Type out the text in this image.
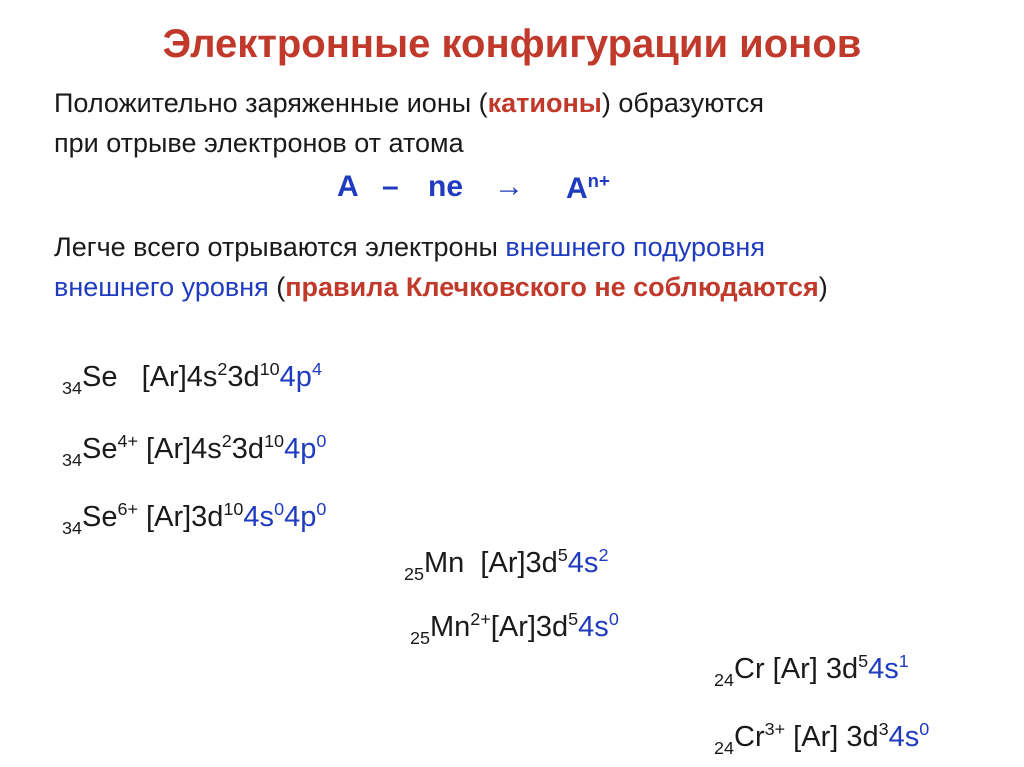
Электронные конфигурации ионов
Положительно заряженные ионы (катионы) образуются
при отрыве электронов от атома
А – ne → $А^{n+}$
Легче всего отрываются электроны внешнего подуровня
внешнего уровня (правила Клечковского не соблюдаются)
$_{34}$Se $[Ar]4s^23d^{10}4p^4$
$_{34}Se^{4+}$ $[Ar]4s^23d^{10}4p^0$
$_{34}Se^{6+}$ $[Ar]3d^{10}4s^04p^0$
$_{25}$Mn $[Ar]3d^54s^2$
$_{25}Mn^{2+}[Ar]3d^54s^0$
$_{24}$Cr [Ar] $3d^54s^1$
$_{24}Cr^{3+}$ [Ar] $3d^34s^0$
